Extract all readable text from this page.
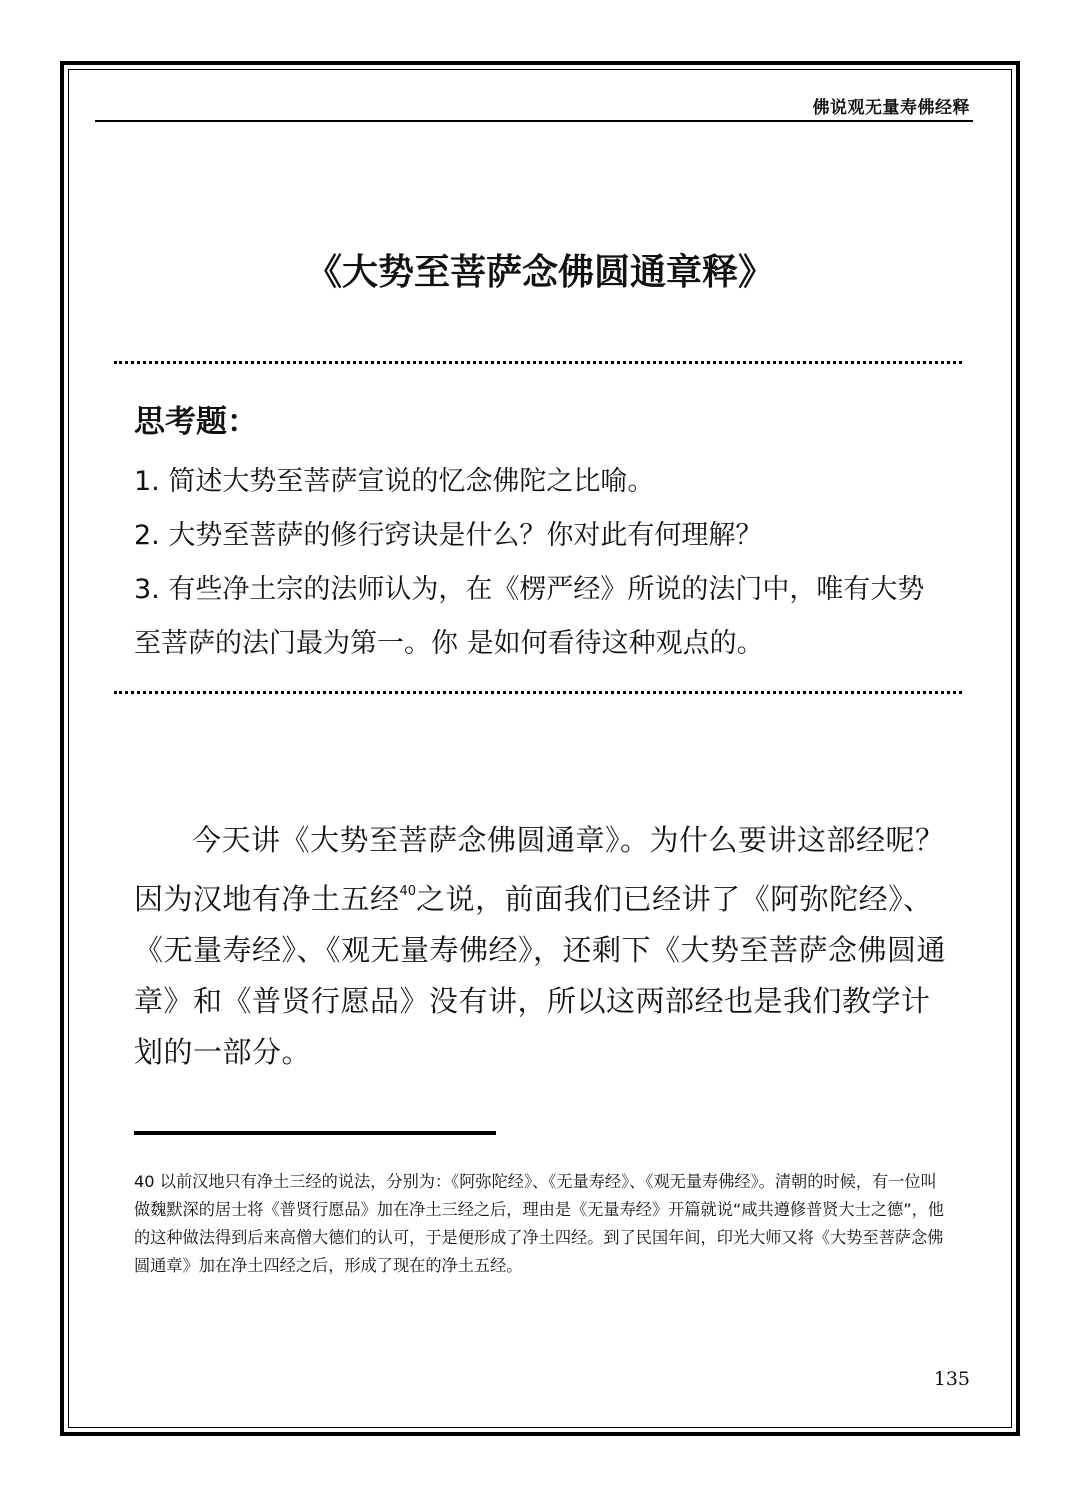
佛说观无量寿佛经释
《大势至菩萨念佛圆通章释》
思考题：
1. 简述大势至菩萨宣说的忆念佛陀之比喻。
2. 大势至菩萨的修行窍诀是什么？你对此有何理解？
3. 有些净土宗的法师认为，在《楞严经》所说的法门中，唯有大势至菩萨的法门最为第一。你 是如何看待这种观点的。

今天讲《大势至菩萨念佛圆通章》。为什么要讲这部经呢？因为汉地有净土五经$^{40}$之说，前面我们已经讲了《阿弥陀经》、《无量寿经》、《观无量寿佛经》，还剩下《大势至菩萨念佛圆通章》和《普贤行愿品》没有讲，所以这两部经也是我们教学计划的一部分。

40 以前汉地只有净土三经的说法，分别为：《阿弥陀经》、《无量寿经》、《观无量寿佛经》。清朝的时候，有一位叫做魏默深的居士将《普贤行愿品》加在净土三经之后，理由是《无量寿经》开篇就说“咸共遵修普贤大士之德”，他的这种做法得到后来高僧大德们的认可，于是便形成了净土四经。到了民国年间，印光大师又将《大势至菩萨念佛圆通章》加在净土四经之后，形成了现在的净土五经。

135
